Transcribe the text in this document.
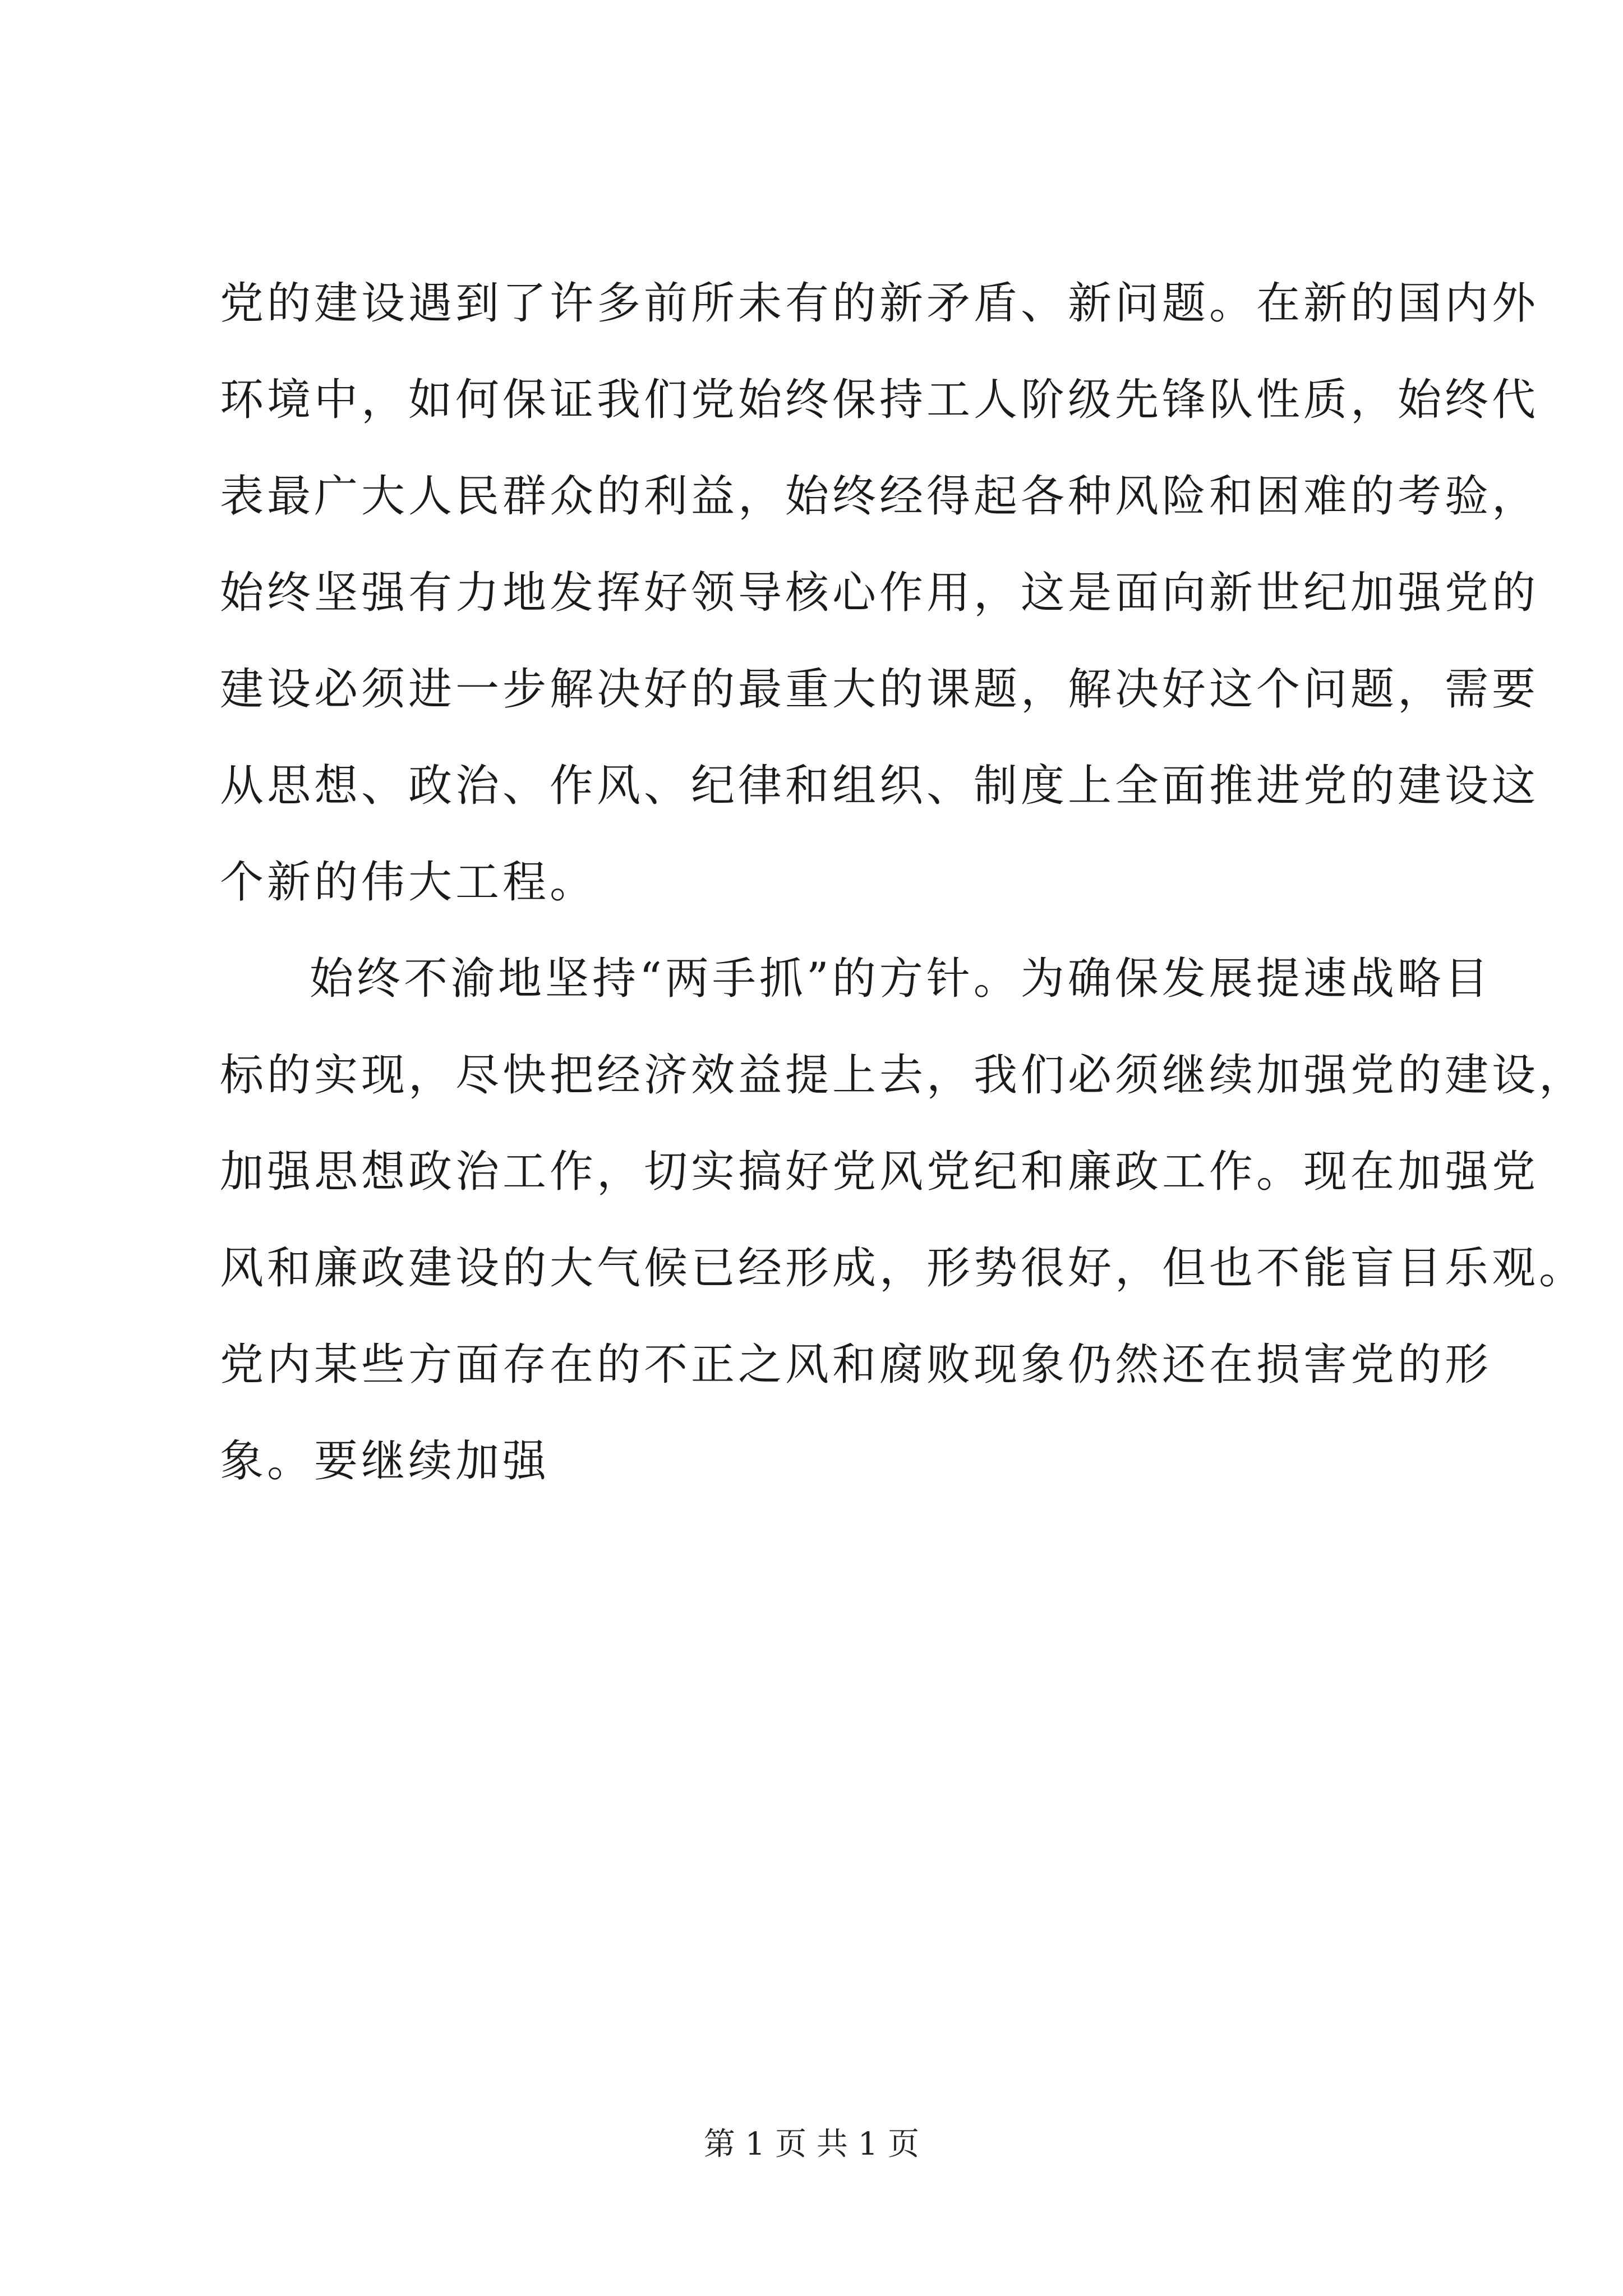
党的建设遇到了许多前所未有的新矛盾、新问题。在新的国内外
环境中，如何保证我们党始终保持工人阶级先锋队性质，始终代
表最广大人民群众的利益，始终经得起各种风险和困难的考验，
始终坚强有力地发挥好领导核心作用，这是面向新世纪加强党的
建设必须进一步解决好的最重大的课题，解决好这个问题，需要
从思想、政治、作风、纪律和组织、制度上全面推进党的建设这
个新的伟大工程。
始终不渝地坚持“两手抓”的方针。为确保发展提速战略目
标的实现，尽快把经济效益提上去，我们必须继续加强党的建设，
加强思想政治工作，切实搞好党风党纪和廉政工作。现在加强党
风和廉政建设的大气候已经形成，形势很好，但也不能盲目乐观。
党内某些方面存在的不正之风和腐败现象仍然还在损害党的形
象。要继续加强
第 1 页 共 1 页
